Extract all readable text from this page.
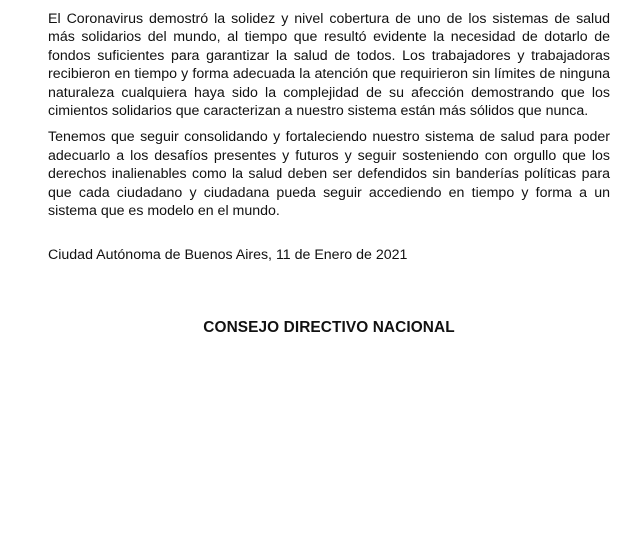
El Coronavirus demostró la solidez y nivel cobertura de uno de los sistemas de salud más solidarios del mundo, al tiempo que resultó evidente la necesidad de dotarlo de fondos suficientes para garantizar la salud de todos. Los trabajadores y trabajadoras recibieron en tiempo y forma adecuada la atención que requirieron sin límites de ninguna naturaleza cualquiera haya sido la complejidad de su afección demostrando que los cimientos solidarios que caracterizan a nuestro sistema están más sólidos que nunca.

Tenemos que seguir consolidando y fortaleciendo nuestro sistema de salud para poder adecuarlo a los desafíos presentes y futuros y seguir sosteniendo con orgullo que los derechos inalienables como la salud deben ser defendidos sin banderías políticas para que cada ciudadano y ciudadana pueda seguir accediendo en tiempo y forma a un sistema que es modelo en el mundo.

Ciudad Autónoma de Buenos Aires, 11 de Enero de 2021

CONSEJO DIRECTIVO NACIONAL
